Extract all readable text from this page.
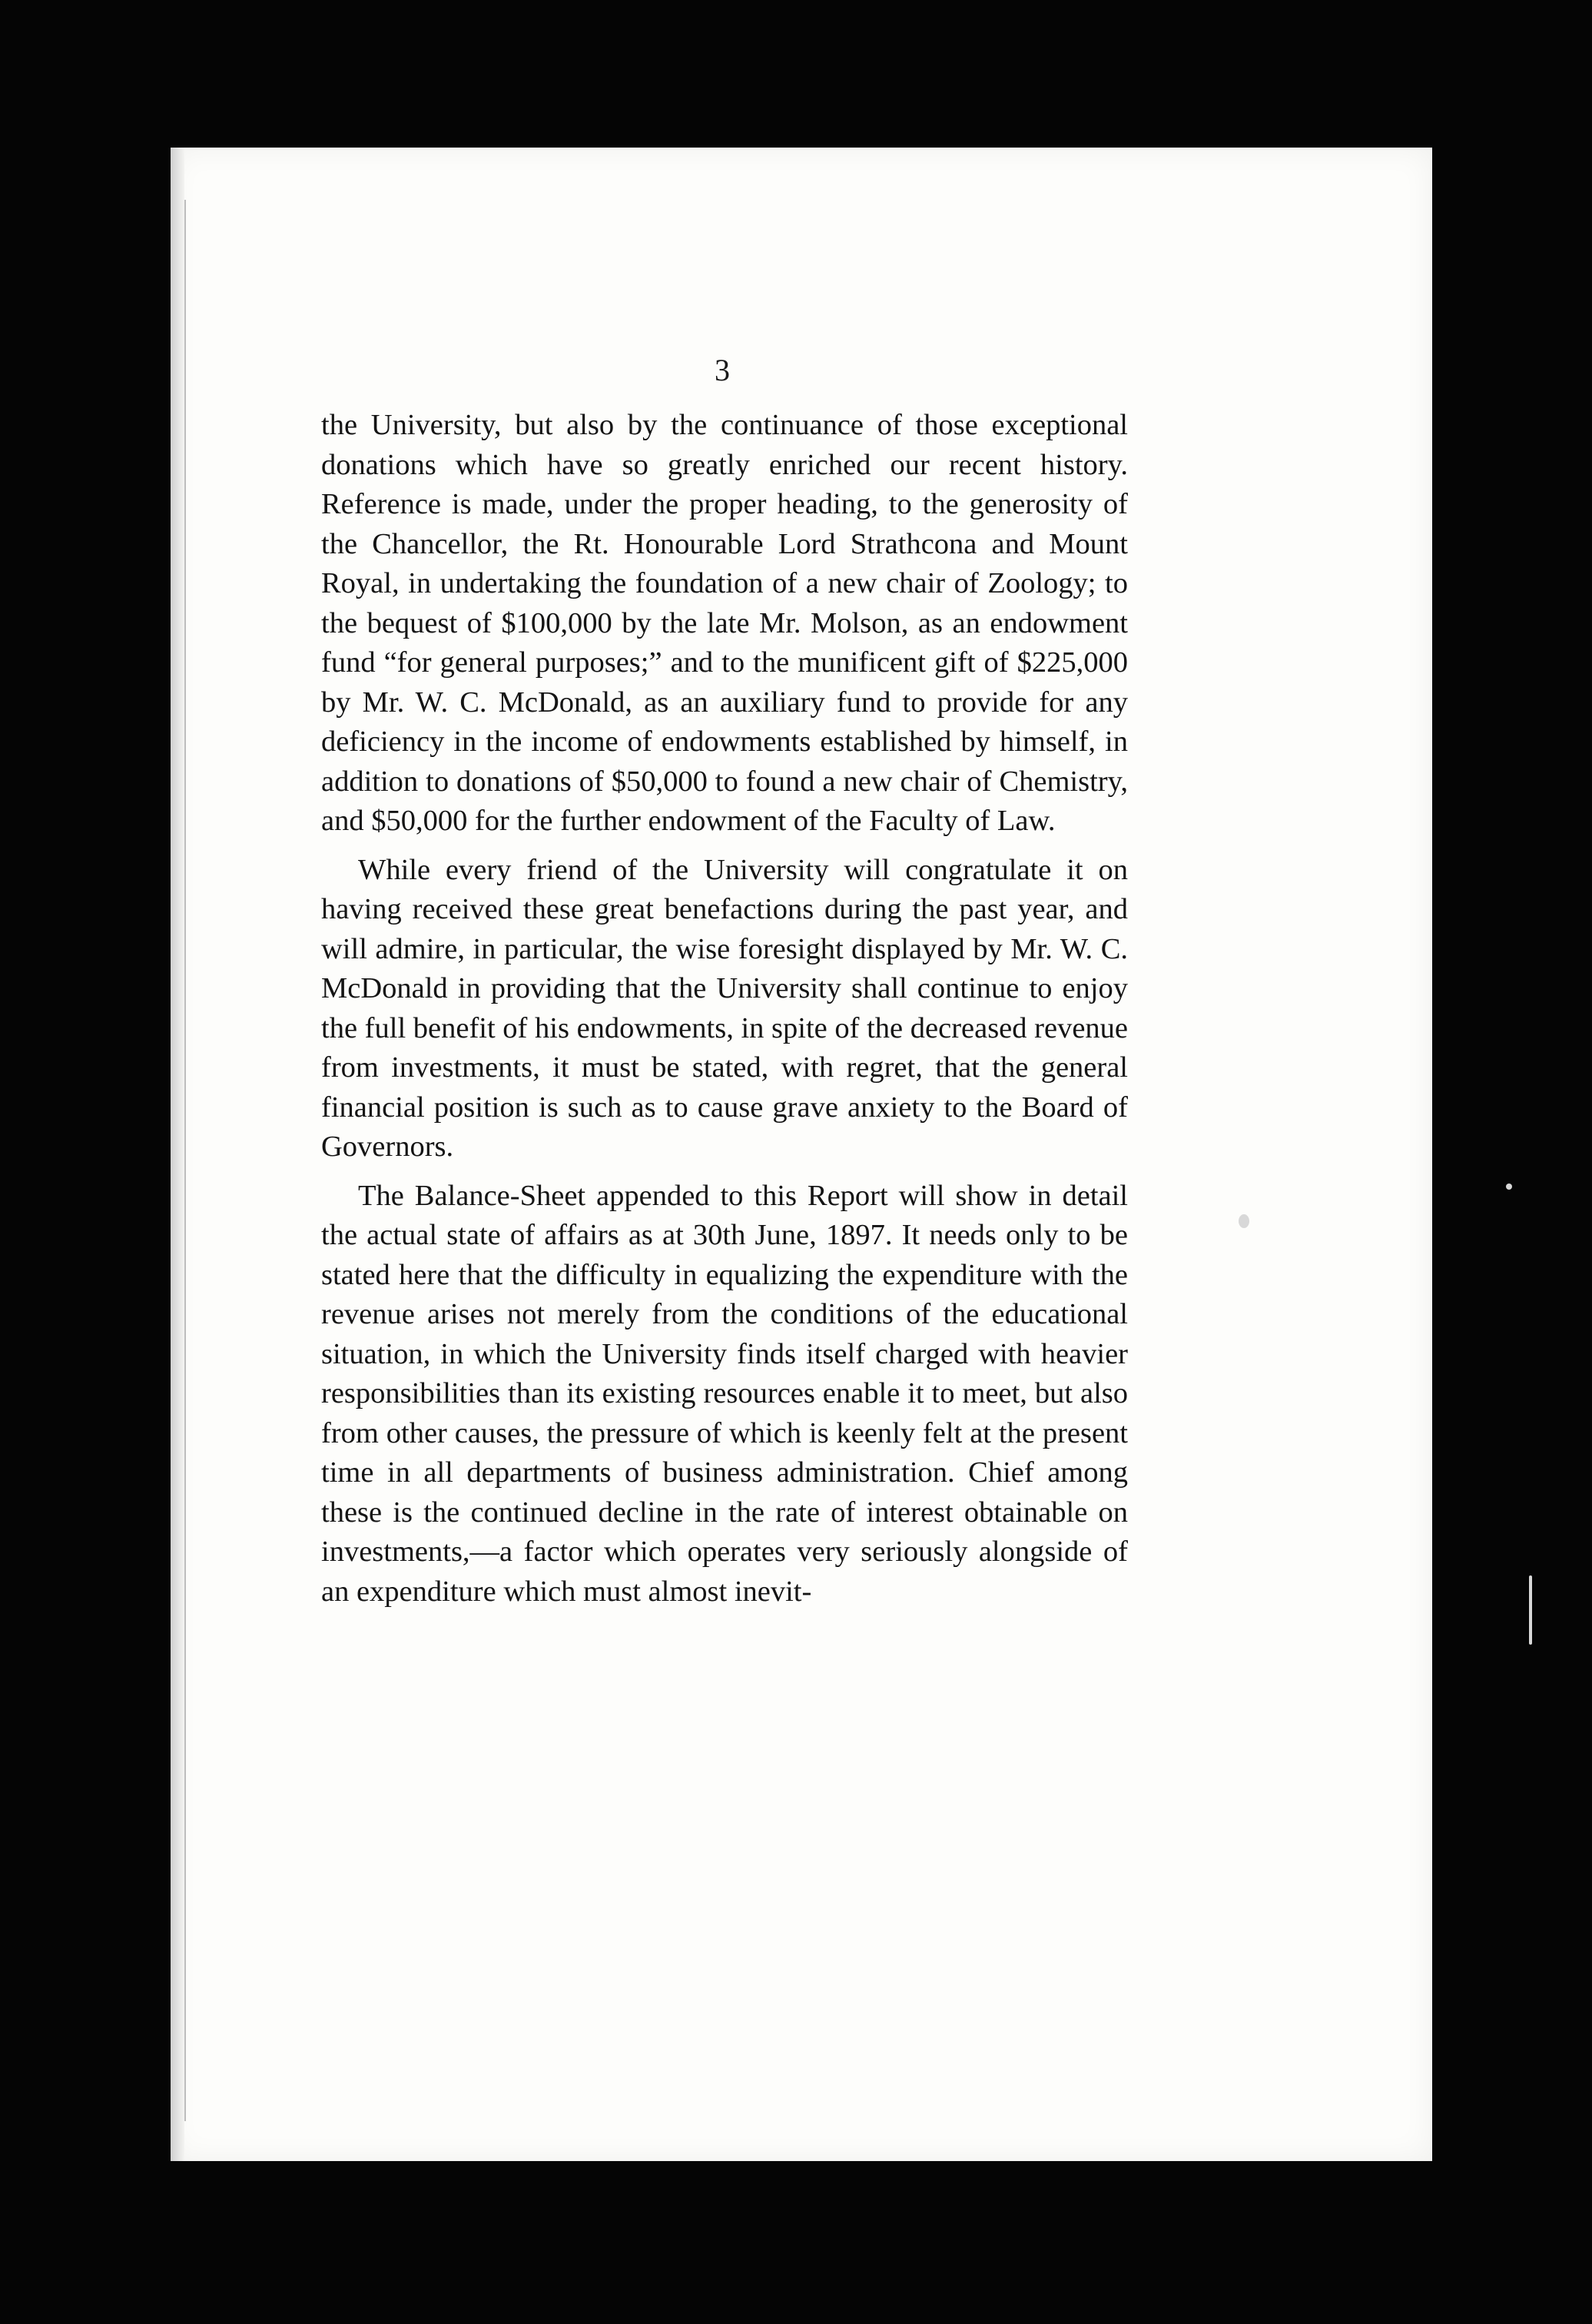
3

the University, but also by the continuance of those exceptional donations which have so greatly enriched our recent history. Reference is made, under the proper heading, to the generosity of the Chancellor, the Rt. Honourable Lord Strathcona and Mount Royal, in undertaking the foundation of a new chair of Zoology; to the bequest of $100,000 by the late Mr. Molson, as an endowment fund “for general purposes;” and to the munificent gift of $225,000 by Mr. W. C. McDonald, as an auxiliary fund to provide for any deficiency in the income of endowments established by himself, in addition to donations of $50,000 to found a new chair of Chemistry, and $50,000 for the further endowment of the Faculty of Law.

While every friend of the University will congratulate it on having received these great benefactions during the past year, and will admire, in particular, the wise foresight displayed by Mr. W. C. McDonald in providing that the University shall continue to enjoy the full benefit of his endowments, in spite of the decreased revenue from investments, it must be stated, with regret, that the general financial position is such as to cause grave anxiety to the Board of Governors.

The Balance-Sheet appended to this Report will show in detail the actual state of affairs as at 30th June, 1897. It needs only to be stated here that the difficulty in equalizing the expenditure with the revenue arises not merely from the conditions of the educational situation, in which the University finds itself charged with heavier responsibilities than its existing resources enable it to meet, but also from other causes, the pressure of which is keenly felt at the present time in all departments of business administration. Chief among these is the continued decline in the rate of interest obtainable on investments,—a factor which operates very seriously alongside of an expenditure which must almost inevit-
